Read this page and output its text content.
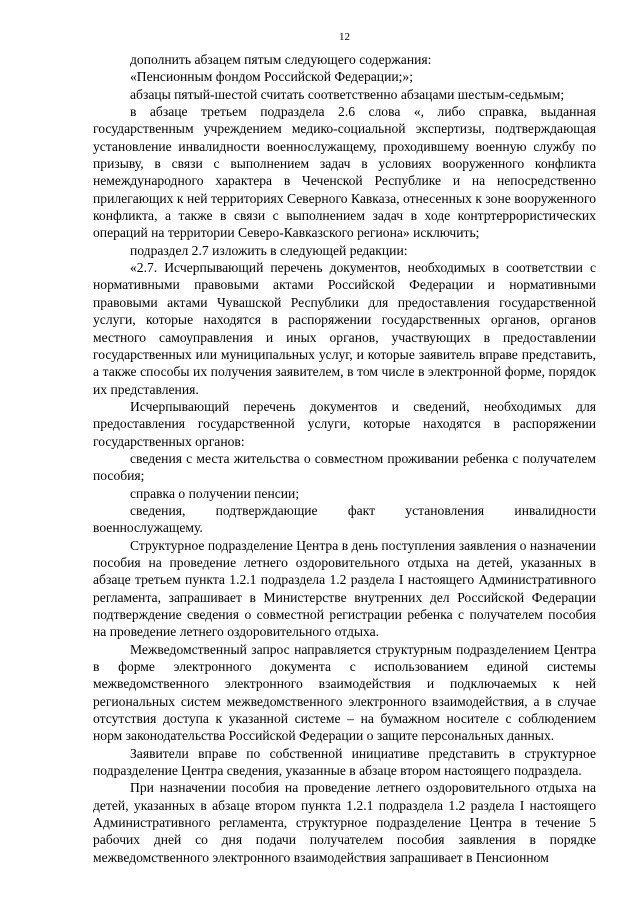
12

дополнить абзацем пятым следующего содержания:

«Пенсионным фондом Российской Федерации;»;

абзацы пятый-шестой считать соответственно абзацами шестым-седьмым;

в абзаце третьем подраздела 2.6 слова «, либо справка, выданная государственным учреждением медико-социальной экспертизы, подтверждающая установление инвалидности военнослужащему, проходившему военную службу по призыву, в связи с выполнением задач в условиях вооруженного конфликта немеждународного характера в Чеченской Республике и на непосредственно прилегающих к ней территориях Северного Кавказа, отнесенных к зоне вооруженного конфликта, а также в связи с выполнением задач в ходе контртеррористических операций на территории Северо-Кавказского региона» исключить;

подраздел 2.7 изложить в следующей редакции:

«2.7. Исчерпывающий перечень документов, необходимых в соответствии с нормативными правовыми актами Российской Федерации и нормативными правовыми актами Чувашской Республики для предоставления государственной услуги, которые находятся в распоряжении государственных органов, органов местного самоуправления и иных органов, участвующих в предоставлении государственных или муниципальных услуг, и которые заявитель вправе представить, а также способы их получения заявителем, в том числе в электронной форме, порядок их представления.

Исчерпывающий перечень документов и сведений, необходимых для предоставления государственной услуги, которые находятся в распоряжении государственных органов:

сведения с места жительства о совместном проживании ребенка с получателем пособия;

справка о получении пенсии;

сведения, подтверждающие факт установления инвалидности военнослужащему.

Структурное подразделение Центра в день поступления заявления о назначении пособия на проведение летнего оздоровительного отдыха на детей, указанных в абзаце третьем пункта 1.2.1 подраздела 1.2 раздела I настоящего Административного регламента, запрашивает в Министерстве внутренних дел Российской Федерации подтверждение сведения о совместной регистрации ребенка с получателем пособия на проведение летнего оздоровительного отдыха.

Межведомственный запрос направляется структурным подразделением Центра в форме электронного документа с использованием единой системы межведомственного электронного взаимодействия и подключаемых к ней региональных систем межведомственного электронного взаимодействия, а в случае отсутствия доступа к указанной системе – на бумажном носителе с соблюдением норм законодательства Российской Федерации о защите персональных данных.

Заявители вправе по собственной инициативе представить в структурное подразделение Центра сведения, указанные в абзаце втором настоящего подраздела.

При назначении пособия на проведение летнего оздоровительного отдыха на детей, указанных в абзаце втором пункта 1.2.1 подраздела 1.2 раздела I настоящего Административного регламента, структурное подразделение Центра в течение 5 рабочих дней со дня подачи получателем пособия заявления в порядке межведомственного электронного взаимодействия запрашивает в Пенсионном
